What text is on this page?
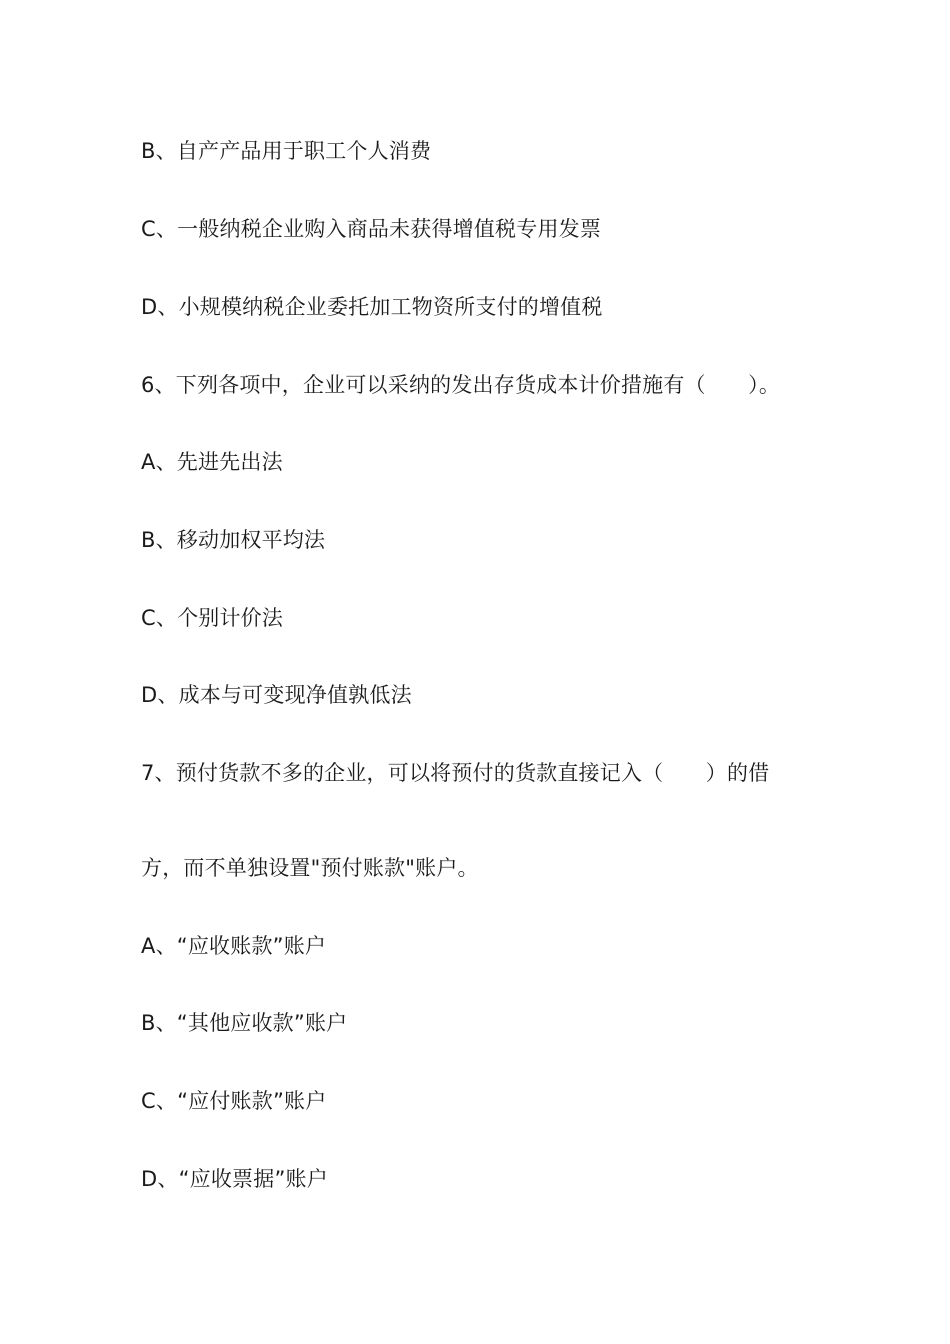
B、自产产品用于职工个人消费
C、一般纳税企业购入商品未获得增值税专用发票
D、小规模纳税企业委托加工物资所支付的增值税
6、下列各项中，企业可以采纳的发出存货成本计价措施有（　　）。
A、先进先出法
B、移动加权平均法
C、个别计价法
D、成本与可变现净值孰低法
7、预付货款不多的企业，可以将预付的货款直接记入（　　）的借
方，而不单独设置"预付账款"账户。
A、“应收账款”账户
B、“其他应收款”账户
C、“应付账款”账户
D、“应收票据”账户
